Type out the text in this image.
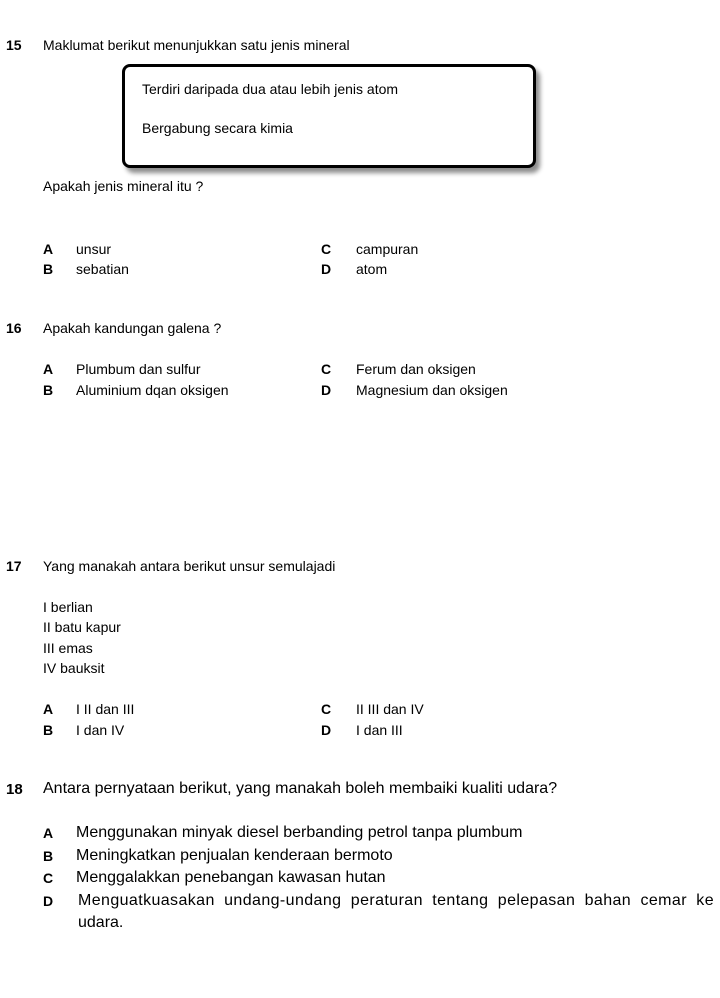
15 Maklumat berikut menunjukkan satu jenis mineral
Terdiri daripada dua atau lebih jenis atom
Bergabung secara kimia
Apakah jenis mineral itu ?
A unsur
B sebatian
C campuran
D atom
16 Apakah kandungan galena ?
A Plumbum dan sulfur
B Aluminium dqan oksigen
C Ferum dan oksigen
D Magnesium dan oksigen
17 Yang manakah antara berikut unsur semulajadi
I berlian
II batu kapur
III emas
IV bauksit
A I II dan III
B I dan IV
C II III dan IV
D I dan III
18 Antara pernyataan berikut, yang manakah boleh membaiki kualiti udara?
A Menggunakan minyak diesel berbanding petrol tanpa plumbum
B Meningkatkan penjualan kenderaan bermoto
C Menggalakkan penebangan kawasan hutan
D Menguatkuasakan undang-undang peraturan tentang pelepasan bahan cemar ke
udara.
